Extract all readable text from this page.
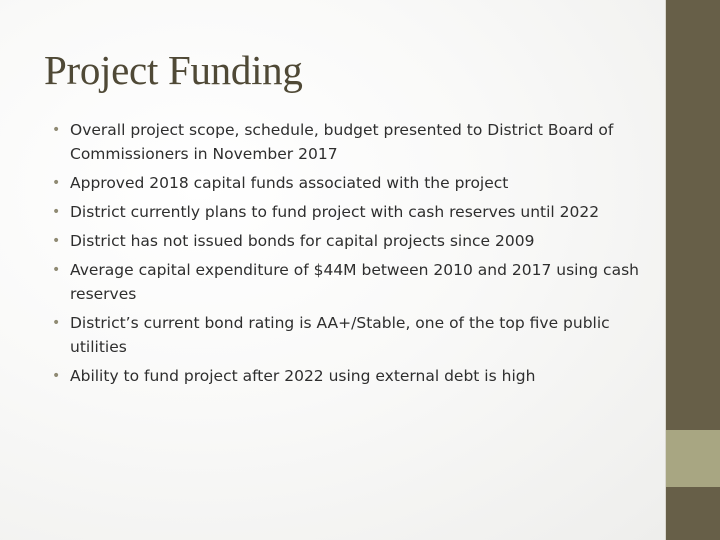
Project Funding
• Overall project scope, schedule, budget presented to District Board of Commissioners in November 2017
• Approved 2018 capital funds associated with the project
• District currently plans to fund project with cash reserves until 2022
• District has not issued bonds for capital projects since 2009
• Average capital expenditure of $44M between 2010 and 2017 using cash reserves
• District’s current bond rating is AA+/Stable, one of the top five public utilities
• Ability to fund project after 2022 using external debt is high
